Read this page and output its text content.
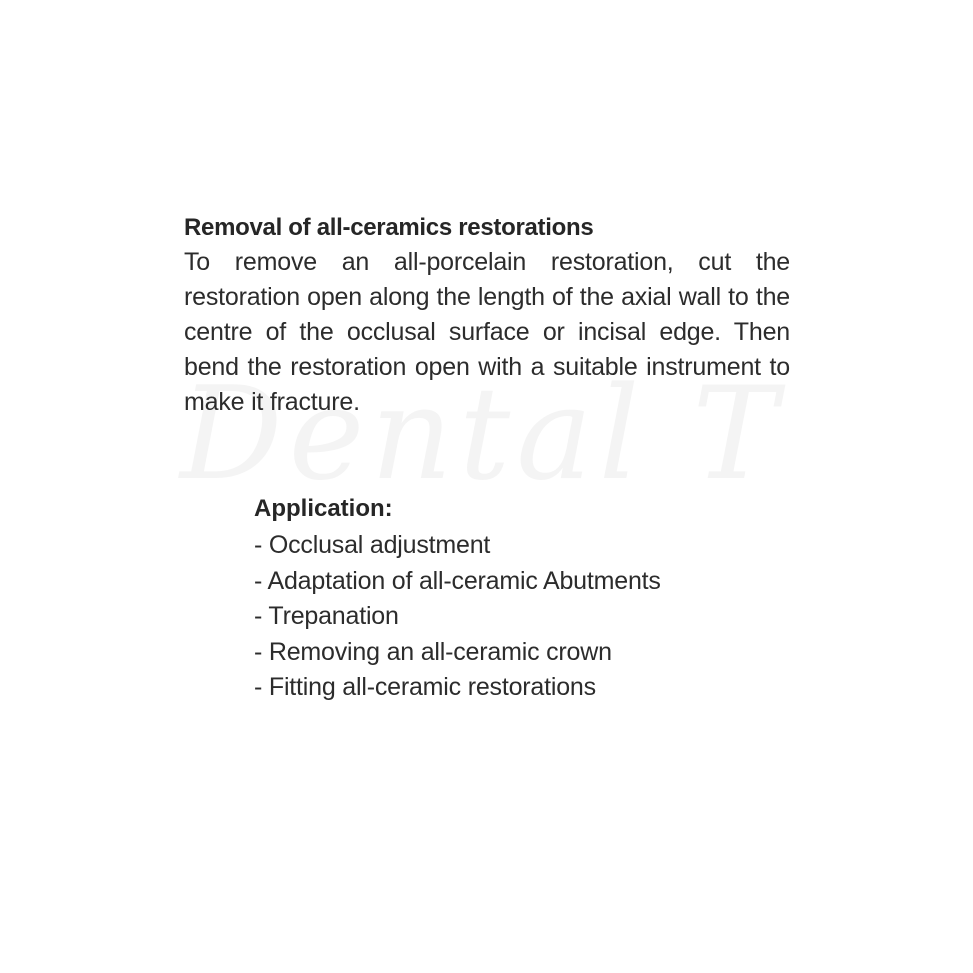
Removal of all-ceramics restorations

To remove an all-porcelain restoration, cut the restoration open along the length of the axial wall to the centre of the occlusal surface or incisal edge. Then bend the restoration open with a suitable instrument to make it fracture.

Application:
- Occlusal adjustment
- Adaptation of all-ceramic Abutments
- Trepanation
- Removing an all-ceramic crown
- Fitting all-ceramic restorations
